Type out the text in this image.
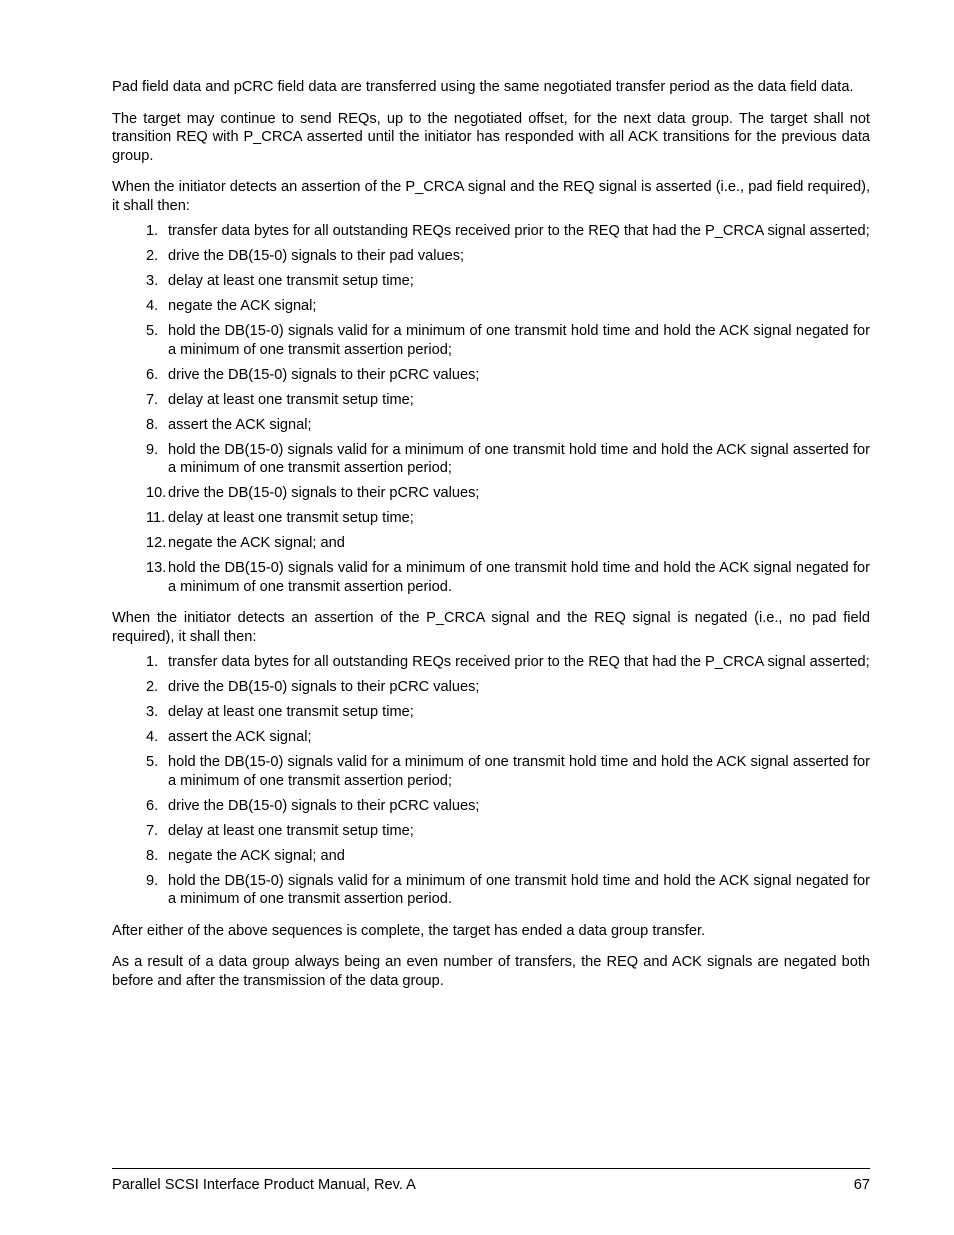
Pad field data and pCRC field data are transferred using the same negotiated transfer period as the data field data.

The target may continue to send REQs, up to the negotiated offset, for the next data group. The target shall not transition REQ with P_CRCA asserted until the initiator has responded with all ACK transitions for the previous data group.

When the initiator detects an assertion of the P_CRCA signal and the REQ signal is asserted (i.e., pad field required), it shall then:

1. transfer data bytes for all outstanding REQs received prior to the REQ that had the P_CRCA signal asserted;
2. drive the DB(15-0) signals to their pad values;
3. delay at least one transmit setup time;
4. negate the ACK signal;
5. hold the DB(15-0) signals valid for a minimum of one transmit hold time and hold the ACK signal negated for a minimum of one transmit assertion period;
6. drive the DB(15-0) signals to their pCRC values;
7. delay at least one transmit setup time;
8. assert the ACK signal;
9. hold the DB(15-0) signals valid for a minimum of one transmit hold time and hold the ACK signal asserted for a minimum of one transmit assertion period;
10. drive the DB(15-0) signals to their pCRC values;
11. delay at least one transmit setup time;
12. negate the ACK signal; and
13. hold the DB(15-0) signals valid for a minimum of one transmit hold time and hold the ACK signal negated for a minimum of one transmit assertion period.

When the initiator detects an assertion of the P_CRCA signal and the REQ signal is negated (i.e., no pad field required), it shall then:

1. transfer data bytes for all outstanding REQs received prior to the REQ that had the P_CRCA signal asserted;
2. drive the DB(15-0) signals to their pCRC values;
3. delay at least one transmit setup time;
4. assert the ACK signal;
5. hold the DB(15-0) signals valid for a minimum of one transmit hold time and hold the ACK signal asserted for a minimum of one transmit assertion period;
6. drive the DB(15-0) signals to their pCRC values;
7. delay at least one transmit setup time;
8. negate the ACK signal; and
9. hold the DB(15-0) signals valid for a minimum of one transmit hold time and hold the ACK signal negated for a minimum of one transmit assertion period.

After either of the above sequences is complete, the target has ended a data group transfer.

As a result of a data group always being an even number of transfers, the REQ and ACK signals are negated both before and after the transmission of the data group.

Parallel SCSI Interface Product Manual, Rev. A	67
